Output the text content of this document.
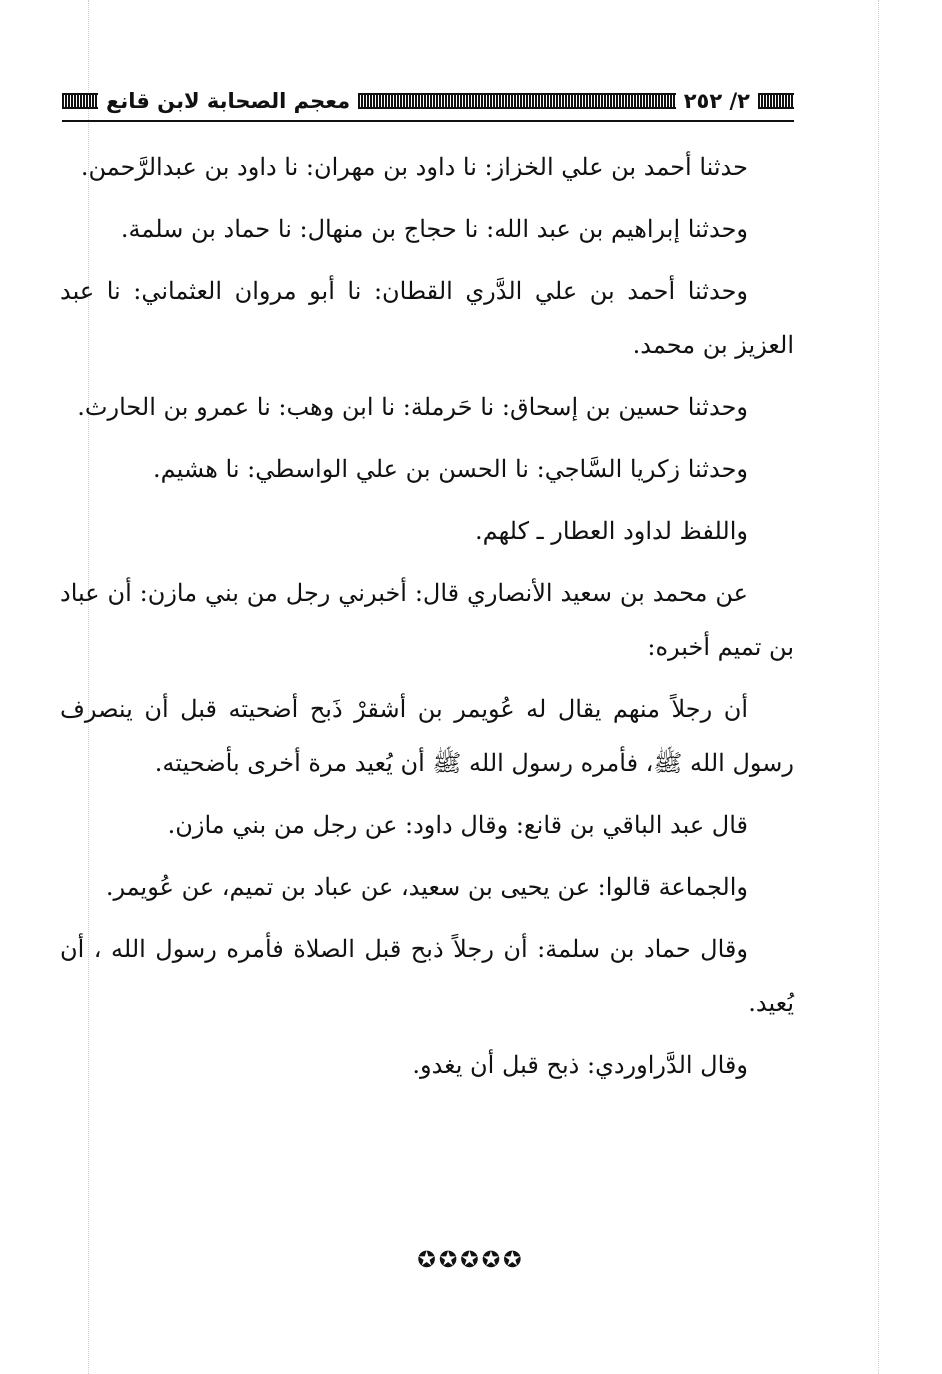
٢/ ٢٥٢
معجم الصحابة لابن قانع

حدثنا أحمد بن علي الخزاز: نا داود بن مهران: نا داود بن عبدالرَّحمن.

وحدثنا إبراهيم بن عبد الله: نا حجاج بن منهال: نا حماد بن سلمة.

وحدثنا أحمد بن علي الدَّري القطان: نا أبو مروان العثماني: نا عبد العزيز بن محمد.

وحدثنا حسين بن إسحاق: نا حَرملة: نا ابن وهب: نا عمرو بن الحارث.

وحدثنا زكريا السَّاجي: نا الحسن بن علي الواسطي: نا هشيم.

واللفظ لداود العطار ـ كلهم.

عن محمد بن سعيد الأنصاري قال: أخبرني رجل من بني مازن: أن عباد بن تميم أخبره:

أن رجلاً منهم يقال له عُويمر بن أشقرْ ذَبح أضحيته قبل أن ينصرف رسول الله ﷺ، فأمره رسول الله ﷺ أن يُعيد مرة أخرى بأضحيته.

قال عبد الباقي بن قانع: وقال داود: عن رجل من بني مازن.

والجماعة قالوا: عن يحيى بن سعيد، عن عباد بن تميم، عن عُويمر.

وقال حماد بن سلمة: أن رجلاً ذبح قبل الصلاة فأمره رسول الله ، أن يُعيد.

وقال الدَّراوردي: ذبح قبل أن يغدو.

✪✪✪✪✪
